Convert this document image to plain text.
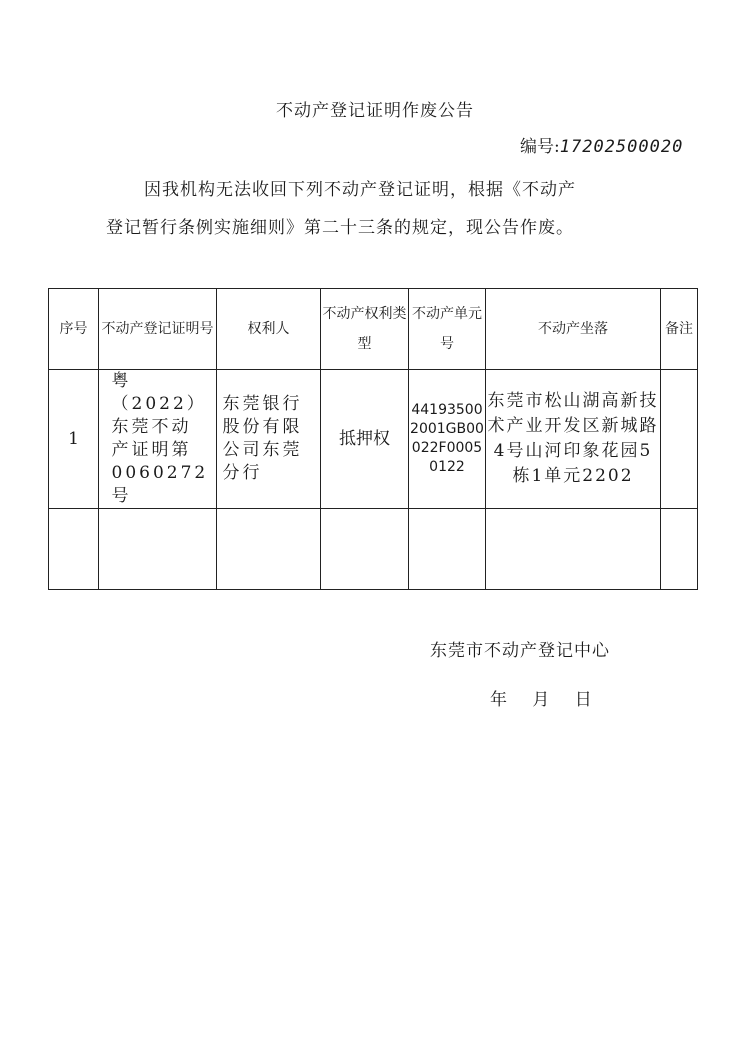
不动产登记证明作废公告
编号:17202500020
因我机构无法收回下列不动产登记证明，根据《不动产
登记暂行条例实施细则》第二十三条的规定，现公告作废。
序号	不动产登记证明号	权利人	不动产权利类型	不动产单元号	不动产坐落	备注
1	粤（2022）东莞不动产证明第0060272号	东莞银行股份有限公司东莞分行	抵押权	441935002001GB00022F00050122	东莞市松山湖高新技术产业开发区新城路4号山河印象花园5栋1单元2202	

东莞市不动产登记中心
年 月 日
